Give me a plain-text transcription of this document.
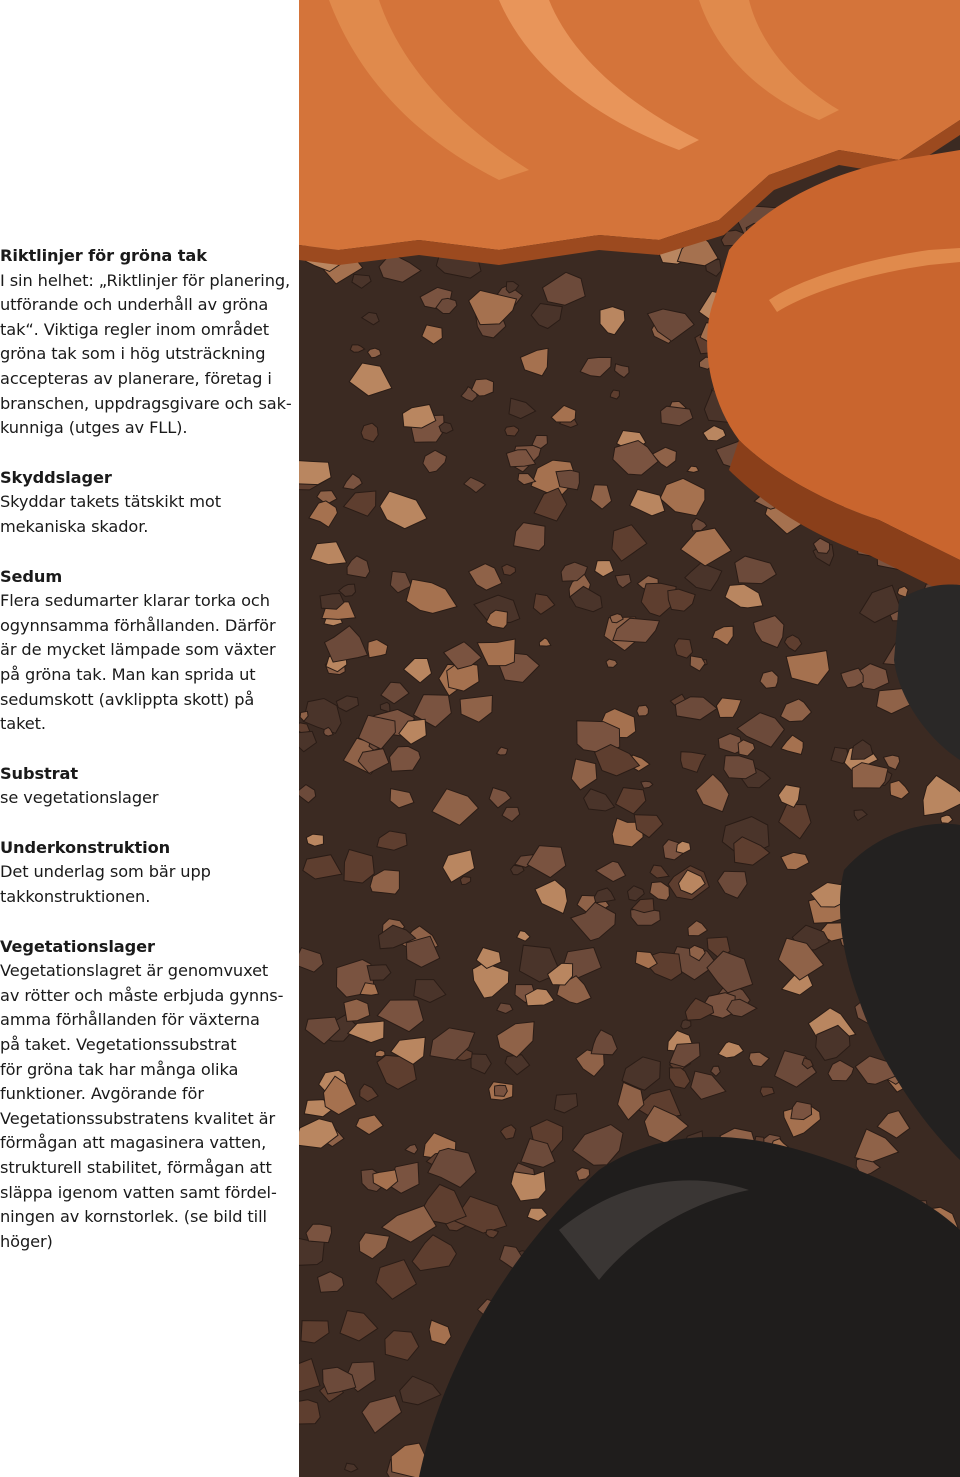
Riktlinjer för gröna tak

I sin helhet: „Riktlinjer för planering,
utförande och underhåll av gröna
tak“. Viktiga regler inom området
gröna tak som i hög utsträckning
accepteras av planerare, företag i
branschen, uppdragsgivare och sak-
kunniga (utges av FLL).

Skyddslager

Skyddar takets tätskikt mot
mekaniska skador.

Sedum

Flera sedumarter klarar torka och
ogynnsamma förhållanden. Därför
är de mycket lämpade som växter
på gröna tak. Man kan sprida ut
sedumskott (avklippta skott) på
taket.

Substrat

se vegetationslager

Underkonstruktion

Det underlag som bär upp
takkonstruktionen.

Vegetationslager

Vegetationslagret är genomvuxet
av rötter och måste erbjuda gynns-
amma förhållanden för växterna
på taket. Vegetationssubstrat
för gröna tak har många olika
funktioner. Avgörande för
Vegetationssubstratens kvalitet är
förmågan att magasinera vatten,
strukturell stabilitet, förmågan att
släppa igenom vatten samt fördel-
ningen av kornstorlek. (se bild till
höger)
